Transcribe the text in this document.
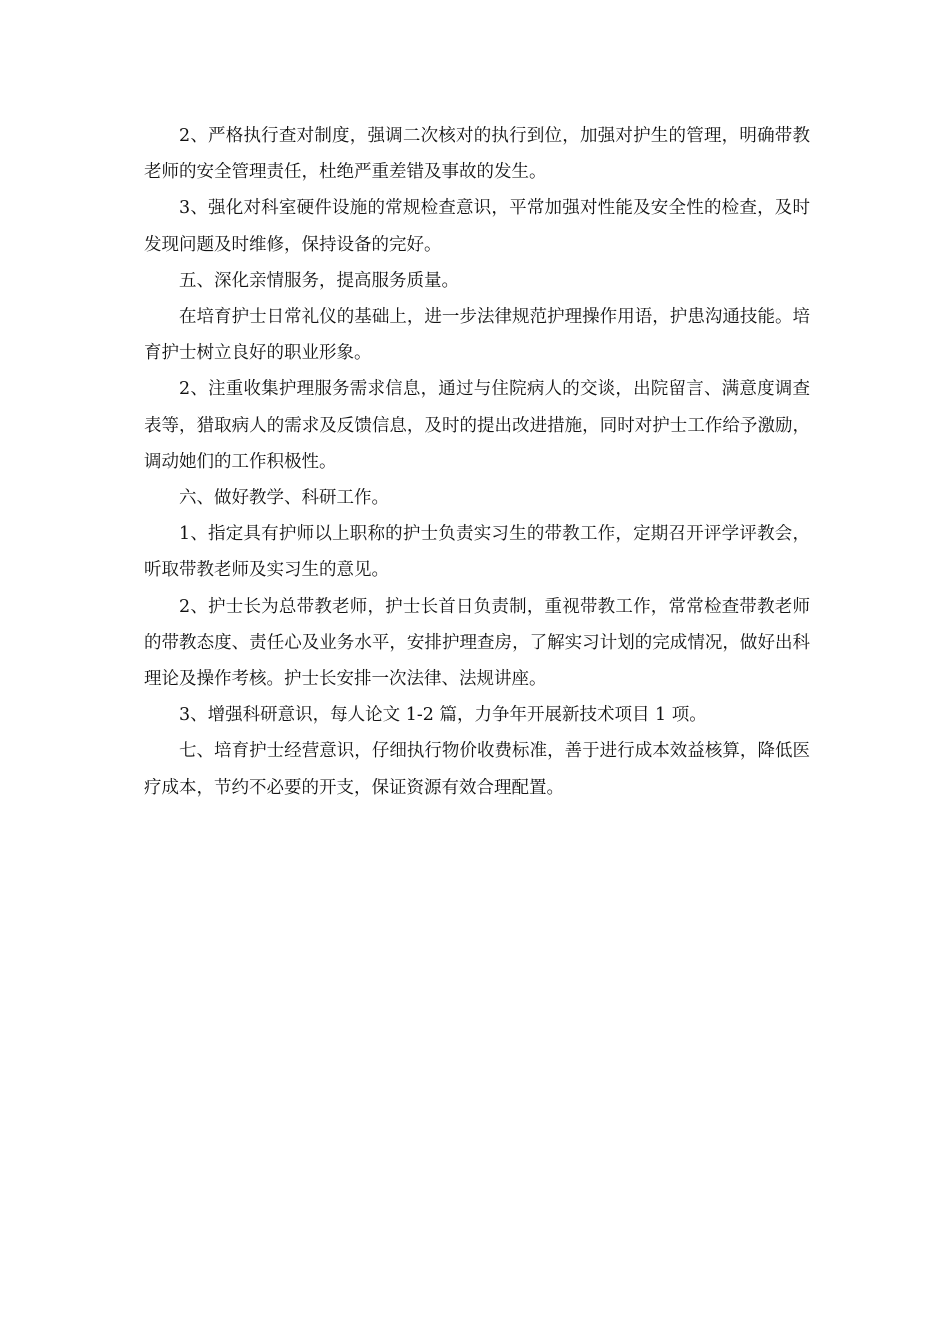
2、严格执行查对制度，强调二次核对的执行到位，加强对护生的管理，明确带教老师的安全管理责任，杜绝严重差错及事故的发生。

3、强化对科室硬件设施的常规检查意识，平常加强对性能及安全性的检查，及时发现问题及时维修，保持设备的完好。

五、深化亲情服务，提高服务质量。

在培育护士日常礼仪的基础上，进一步法律规范护理操作用语，护患沟通技能。培育护士树立良好的职业形象。

2、注重收集护理服务需求信息，通过与住院病人的交谈，出院留言、满意度调查表等，猎取病人的需求及反馈信息，及时的提出改进措施，同时对护士工作给予激励，调动她们的工作积极性。

六、做好教学、科研工作。

1、指定具有护师以上职称的护士负责实习生的带教工作，定期召开评学评教会，听取带教老师及实习生的意见。

2、护士长为总带教老师，护士长首日负责制，重视带教工作，常常检查带教老师的带教态度、责任心及业务水平，安排护理查房，了解实习计划的完成情况，做好出科理论及操作考核。护士长安排一次法律、法规讲座。

3、增强科研意识，每人论文 1-2 篇，力争年开展新技术项目 1 项。

七、培育护士经营意识，仔细执行物价收费标准，善于进行成本效益核算，降低医疗成本，节约不必要的开支，保证资源有效合理配置。
